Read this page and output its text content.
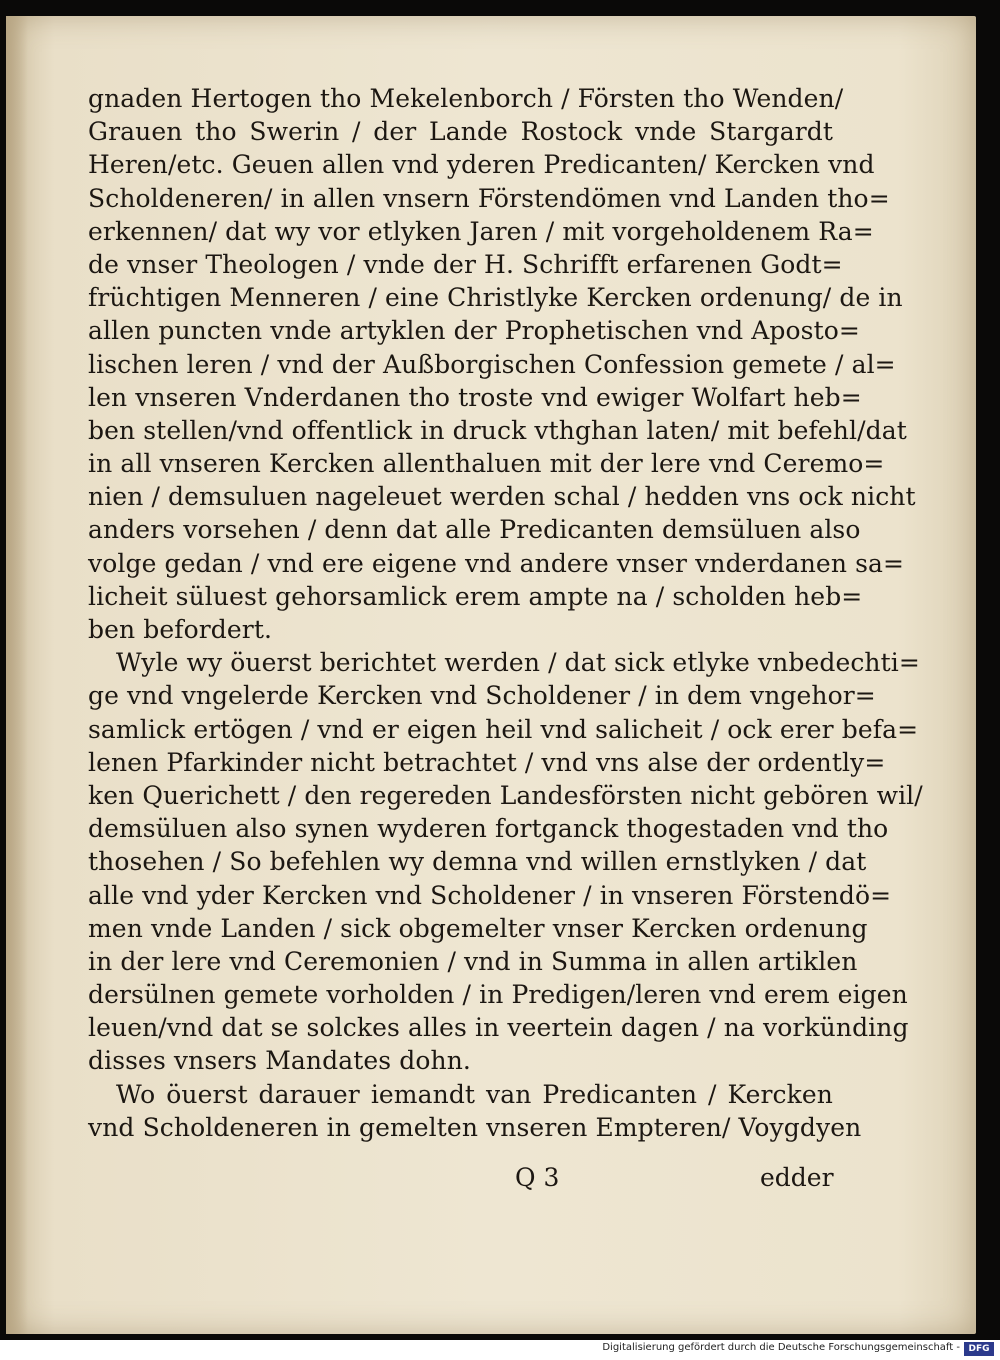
gnaden Hertogen tho Mekelenborch / Försten tho Wenden/
Grauen tho Swerin / der Lande Rostock vnde Stargardt
Heren/etc. Geuen allen vnd yderen Predicanten/ Kercken vnd
Scholdeneren/ in allen vnsern Förstendömen vnd Landen tho=
erkennen/ dat wy vor etlyken Jaren / mit vorgeholdenem Ra=
de vnser Theologen / vnde der H. Schrifft erfarenen Godt=
früchtigen Menneren / eine Christlyke Kercken ordenung/ de in
allen puncten vnde artyklen der Prophetischen vnd Aposto=
lischen leren / vnd der Außborgischen Confession gemete / al=
len vnseren Vnderdanen tho troste vnd ewiger Wolfart heb=
ben stellen/vnd offentlick in druck vthghan laten/ mit befehl/dat
in all vnseren Kercken allenthaluen mit der lere vnd Ceremo=
nien / demsuluen nageleuet werden schal / hedden vns ock nicht
anders vorsehen / denn dat alle Predicanten demsüluen also
volge gedan / vnd ere eigene vnd andere vnser vnderdanen sa=
licheit süluest gehorsamlick erem ampte na / scholden heb=
ben befordert.
Wyle wy öuerst berichtet werden / dat sick etlyke vnbedechti=
ge vnd vngelerde Kercken vnd Scholdener / in dem vngehor=
samlick ertögen / vnd er eigen heil vnd salicheit / ock erer befa=
lenen Pfarkinder nicht betrachtet / vnd vns alse der ordently=
ken Querichett / den regereden Landesförsten nicht gebören wil/
demsüluen also synen wyderen fortganck thogestaden vnd tho
thosehen / So befehlen wy demna vnd willen ernstlyken / dat
alle vnd yder Kercken vnd Scholdener / in vnseren Förstendö=
men vnde Landen / sick obgemelter vnser Kercken ordenung
in der lere vnd Ceremonien / vnd in Summa in allen artiklen
dersülnen gemete vorholden / in Predigen/leren vnd erem eigen
leuen/vnd dat se solckes alles in veertein dagen / na vorkünding
disses vnsers Mandates dohn.
Wo öuerst darauer iemandt van Predicanten / Kercken
vnd Scholdeneren in gemelten vnseren Empteren/ Voygdyen
Q 3	edder
Digitalisierung gefördert durch die Deutsche Forschungsgemeinschaft - DFG
